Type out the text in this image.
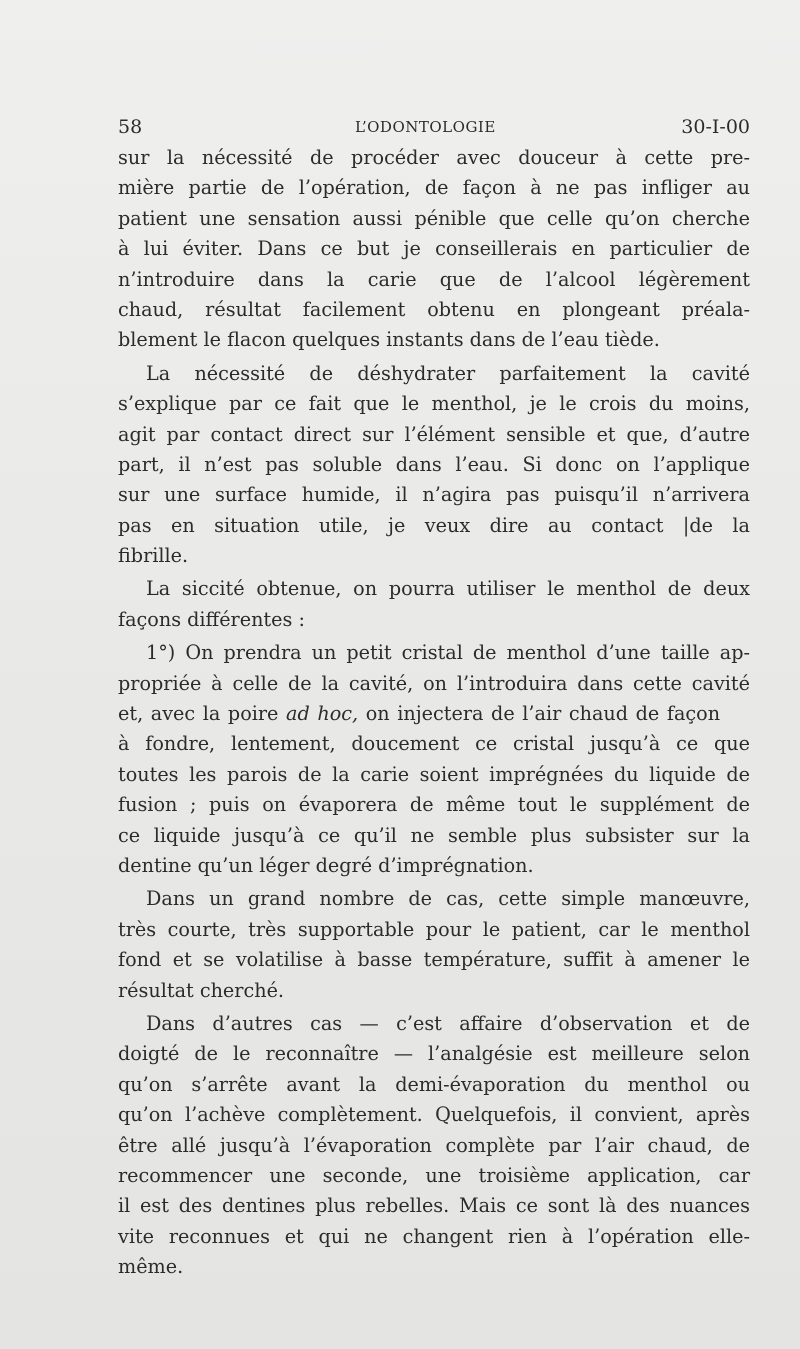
58	L’ODONTOLOGIE	30-I-00
sur la nécessité de procéder avec douceur à cette pre-
mière partie de l’opération, de façon à ne pas infliger au
patient une sensation aussi pénible que celle qu’on cherche
à lui éviter. Dans ce but je conseillerais en particulier de
n’introduire dans la carie que de l’alcool légèrement
chaud, résultat facilement obtenu en plongeant préala-
blement le flacon quelques instants dans de l’eau tiède.
La nécessité de déshydrater parfaitement la cavité
s’explique par ce fait que le menthol, je le crois du moins,
agit par contact direct sur l’élément sensible et que, d’autre
part, il n’est pas soluble dans l’eau. Si donc on l’applique
sur une surface humide, il n’agira pas puisqu’il n’arrivera
pas en situation utile, je veux dire au contact |de la
fibrille.
La siccité obtenue, on pourra utiliser le menthol de deux
façons différentes :
1°) On prendra un petit cristal de menthol d’une taille ap-
propriée à celle de la cavité, on l’introduira dans cette cavité
et, avec la poire ad hoc, on injectera de l’air chaud de façon
à fondre, lentement, doucement ce cristal jusqu’à ce que
toutes les parois de la carie soient imprégnées du liquide de
fusion ; puis on évaporera de même tout le supplément de
ce liquide jusqu’à ce qu’il ne semble plus subsister sur la
dentine qu’un léger degré d’imprégnation.
Dans un grand nombre de cas, cette simple manœuvre,
très courte, très supportable pour le patient, car le menthol
fond et se volatilise à basse température, suffit à amener le
résultat cherché.
Dans d’autres cas — c’est affaire d’observation et de
doigté de le reconnaître — l’analgésie est meilleure selon
qu’on s’arrête avant la demi-évaporation du menthol ou
qu’on l’achève complètement. Quelquefois, il convient, après
être allé jusqu’à l’évaporation complète par l’air chaud, de
recommencer une seconde, une troisième application, car
il est des dentines plus rebelles. Mais ce sont là des nuances
vite reconnues et qui ne changent rien à l’opération elle-
même.
